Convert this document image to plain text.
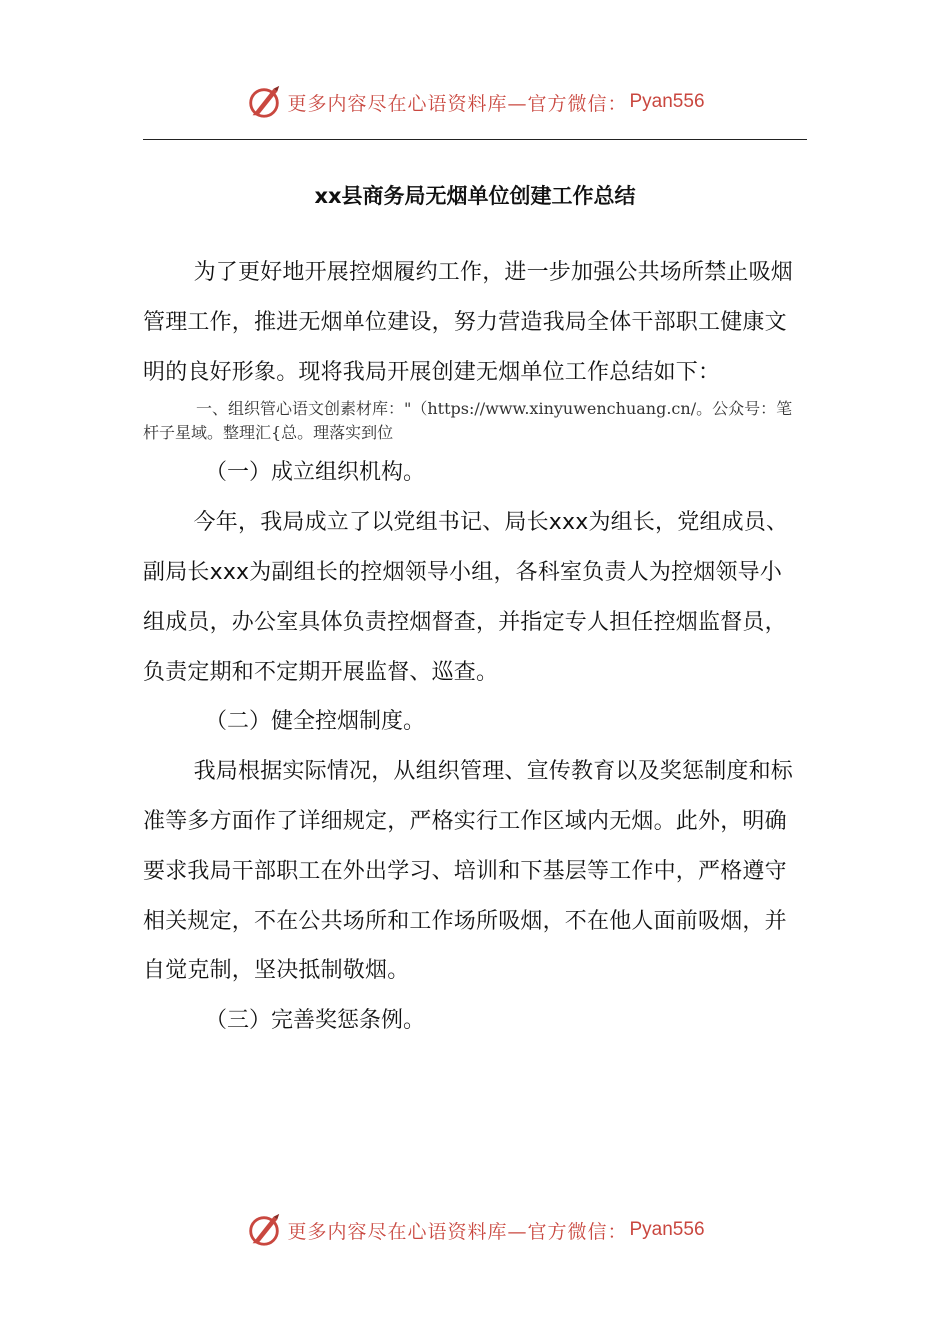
更多内容尽在心语资料库—官方微信： Pyan556
xx县商务局无烟单位创建工作总结

为了更好地开展控烟履约工作，进一步加强公共场所禁止吸烟管理工作，推进无烟单位建设，努力营造我局全体干部职工健康文明的良好形象。现将我局开展创建无烟单位工作总结如下：

一、组织管心语文创素材库："（https://www.xinyuwenchuang.cn/。公众号：笔杆子星域。整理汇{总。理落实到位

（一）成立组织机构。

今年，我局成立了以党组书记、局长xxx为组长，党组成员、副局长xxx为副组长的控烟领导小组，各科室负责人为控烟领导小组成员，办公室具体负责控烟督查，并指定专人担任控烟监督员，负责定期和不定期开展监督、巡查。

（二）健全控烟制度。

我局根据实际情况，从组织管理、宣传教育以及奖惩制度和标准等多方面作了详细规定，严格实行工作区域内无烟。此外，明确要求我局干部职工在外出学习、培训和下基层等工作中，严格遵守相关规定，不在公共场所和工作场所吸烟，不在他人面前吸烟，并自觉克制，坚决抵制敬烟。

（三）完善奖惩条例。

更多内容尽在心语资料库—官方微信： Pyan556
